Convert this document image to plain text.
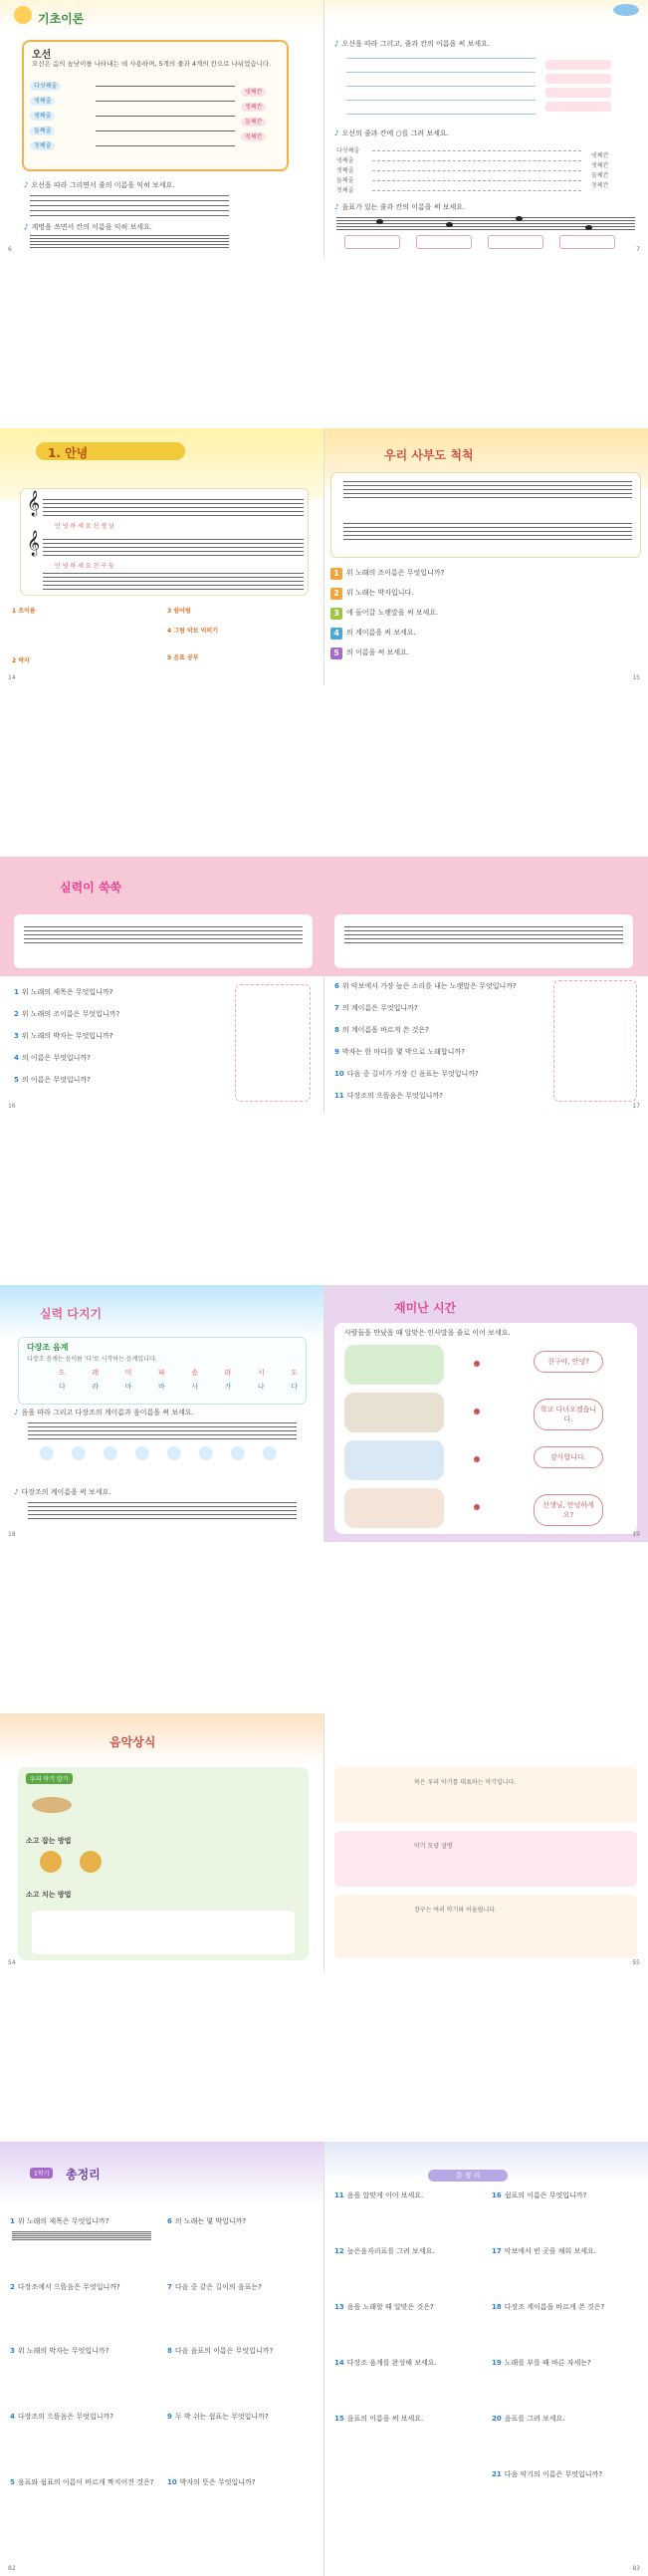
기초이론
오선
오선은 음의 높낮이를 나타내는 데 사용하며, 5개의 줄과 4개의 칸으로 나뉘었습니다.
다섯째줄
넷째줄
셋째줄
둘째줄
첫째줄
넷째칸
셋째칸
둘째칸
첫째칸
♪ 오선을 따라 그리면서 줄의 이름을 익혀 보세요.
♪ 계명을 쓰면서 칸의 이름을 익혀 보세요.
6
♪ 오선을 따라 그리고, 줄과 칸의 이름을 써 보세요.
♪ 오선의 줄과 칸에 ○를 그려 보세요.
다섯째줄
넷째줄
셋째줄
둘째줄
첫째줄
넷째칸
셋째칸
둘째칸
첫째칸
♪ 음표가 있는 줄과 칸의 이름을 써 보세요.
7
1. 안녕
𝄞
안 녕 하 세 요 선 생 님
𝄞
안 녕 하 세 요 친 구 들
1 조이름
2 박자
3 쉼어림
4 그림 악보 익히기
5 음표 공부
14
우리 사부도 척척
1	위 노래의 조이름은 무엇입니까?
2	위 노래는 박자입니다.
3	에 들어갈 노랫말을 써 보세요.
4	의 계이름을 써 보세요.
5	의 이름을 써 보세요.
15
실력이 쑥쑥
1 위 노래의 제목은 무엇입니까?
2 위 노래의 조이름은 무엇입니까?
3 위 노래의 박자는 무엇입니까?
4 의 이름은 무엇입니까?
5 의 이름은 무엇입니까?
16
6 위 악보에서 가장 높은 소리를 내는 노랫말은 무엇입니까?
7 의 계이름은 무엇입니까?
8 의 계이름을 바르게 쓴 것은?
9 박자는 한 마디를 몇 박으로 노래합니까?
10 다음 중 길이가 가장 긴 음표는 무엇입니까?
11 다장조의 으뜸음은 무엇입니까?
17
실력 다지기
다장조 음계
다장조 음계는 음이름 '다'로 시작하는 음계입니다.
도	레	미	파	솔	라	시	도
다	라	마	바	사	가	나	다
♪ 음을 따라 그리고 다장조의 계이름과 음이름을 써 보세요.
♪ 다장조의 계이름을 써 보세요.
18
재미난 시간
사람들을 만났을 때 알맞은 인사말을 줄로 이어 보세요.
친구야, 안녕?
학교 다녀오겠습니다.
감사합니다.
선생님, 안녕하세요?
19
음악상식
우리 악기 알기
소고 잡는 방법
소고 치는 방법
54
북은 우리 악기를 대표하는 악기입니다.
악기 모양 설명
장구는 여러 악기와 어울립니다.
55
1학기	총정리
1 위 노래의 제목은 무엇입니까?
2 다장조에서 으뜸음은 무엇입니까?
3 위 노래의 박자는 무엇입니까?
4 다장조의 으뜸음은 무엇입니까?
5 음표와 쉼표의 이름이 바르게 짝지어진 것은?
6 의 노래는 몇 박입니까?
7 다음 중 같은 길이의 음표는?
8 다음 음표의 이름은 무엇입니까?
9 두 박 쉬는 쉼표는 무엇입니까?
10 박자의 뜻은 무엇입니까?
82
총 정 리
11 음을 알맞게 이어 보세요.
12 높은음자리표를 그려 보세요.
13 음을 노래할 때 알맞은 것은?
14 다장조 음계를 완성해 보세요.
15 음표의 이름을 써 보세요.
16 쉼표의 이름은 무엇입니까?
17 악보에서 빈 곳을 채워 보세요.
18 다장조 계이름을 바르게 쓴 것은?
19 노래를 부를 때 바른 자세는?
20 음표를 그려 보세요.
21 다음 악기의 이름은 무엇입니까?
83
